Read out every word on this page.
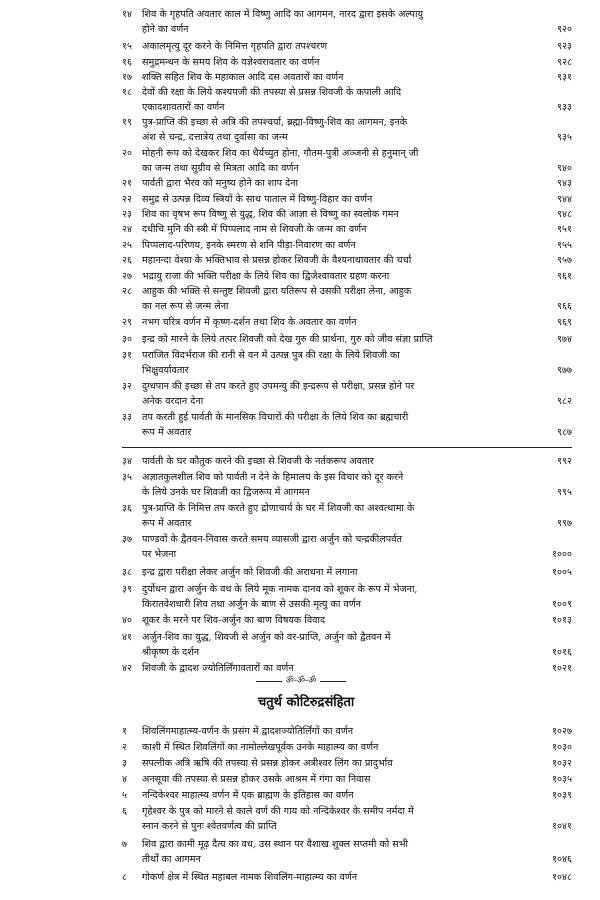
१४	शिव के गृहपति अवतार काल में विष्णु आदि का आगमन, नारद द्वारा इसके अल्पायु
होने का वर्णन	९२०
१५	अकालमृत्यु दूर करने के निमित्त गृहपति द्वारा तपश्चरण	९२३
१६	समुद्रमन्थन के समय शिव के यज्ञेश्वरावतार का वर्णन	९२८
१७	शक्ति सहित शिव के महाकाल आदि दस अवतारों का वर्णन	९३१
१८	देवों की रक्षा के लिये कश्यपजी की तपस्या से प्रसन्न शिवजी के कपाली आदि
एकादशावतारों का वर्णन	९३३
१९	पुत्र-प्राप्ति की इच्छा से अत्रि की तपश्चर्या, ब्रह्मा-विष्णु-शिव का आगमन, इनके
अंश से चन्द्र, दत्तात्रेय तथा दुर्वासा का जन्म	९३५
२०	मोहनी रूप को देखकर शिव का धैर्यच्युत होना, गौतम-पुत्री अञ्जनी से हनुमान् जी
का जन्म तथा सुग्रीव से मित्रता आदि का वर्णन	९४०
२१	पार्वती द्वारा भैरव को मनुष्य होने का शाप देना	९४३
२२	समुद्र से उत्पन्न दिव्य स्त्रियों के साथ पाताल में विष्णु-विहार का वर्णन	९४४
२३	शिव का वृषभ रूप विष्णु से युद्ध, शिव की आज्ञा से विष्णु का स्वलोक गमन	९४८
२४	दधीचि मुनि की स्त्री में पिप्पलाद नाम से शिवजी के जन्म का वर्णन	९५१
२५	पिप्पलाद-परिणय, इनके स्मरण से शनि पीड़ा-निवारण का वर्णन	९५५
२६	महानन्दा वेश्या के भक्तिभाव से प्रसन्न होकर शिवजी के वैश्यनाथावतार की चर्चा	९५७
२७	भद्रायु राजा की भक्ति परीक्षा के लिये शिव का द्विजेश्वावतार ग्रहण करना	९६१
२८	आहुक की भक्ति से सन्तुष्ट शिवजी द्वारा यतिरूप से उसकी परीक्षा लेना, आहुक
का नल रूप से जन्म लेना	९६६
२९	नभग चरित्र वर्णन में कृष्ण-दर्शन तथा शिव के अवतार का वर्णन	९६९
३०	इन्द्र को मारने के लिये तत्पर शिवजी को देख गुरु की प्रार्थना, गुरु को जीव संज्ञा प्राप्ति	९७४
३१	पराजित विदर्भराज की रानी से वन में उत्पन्न पुत्र की रक्षा के लिये शिवजी का
भिक्षुवर्यावतार	९७७
३२	दुग्धपान की इच्छा से तप करते हुए उपमन्यु की इन्द्ररूप से परीक्षा, प्रसन्न होने पर
अनेक वरदान देना	९८२
३३	तप करती हुई पार्वती के मानसिक विचारों की परीक्षा के लिये शिव का ब्रह्मचारी
रूप में अवतार	९८७
३४	पार्वती के घर कौतुक करने की इच्छा से शिवजी के नर्तकरूप अवतार	९९२
३५	अज्ञातकुलशील शिव को पार्वती न देने के हिमालय के इस विचार को दूर करने
के लिये उनके घर शिवजी का द्विजरूप में आगमन	९९५
३६	पुत्र-प्राप्ति के निमित्त तप करते हुए द्रोणाचार्य के घर में शिवजी का अश्वत्थामा के
रूप में अवतार	९९७
३७	पाण्डवों के द्वैतवन-निवास करते समय व्यासजी द्वारा अर्जुन को चन्द्रकीलपर्वत
पर भेजना	१०००
३८	इन्द्र द्वारा परीक्षा लेकर अर्जुन को शिवजी की अराधना में लगाना	१००५
३९	दुर्योधन द्वारा अर्जुन के वध के लिये मूक नामक दानव को शूकर के रूप में भेजना,
किरातवेशधारी शिव तथा अर्जुन के बाण से उसकी मृत्यु का वर्णन	१००९
४०	शूकर के मरने पर शिव-अर्जुन का बाण विषयक विवाद	१०१३
४१	अर्जुन-शिव का युद्ध, शिवजी से अर्जुन को वर-प्राप्ति, अर्जुन को द्वैतवन में
श्रीकृष्ण के दर्शन	१०१६
४२	शिवजी के द्वादश ज्योतिर्लिंगावतारों का वर्णन	१०२१
ॐ-ॐ-ॐ
चतुर्थ कोटिरुद्रसंहिता
१	शिवलिंगमाहात्म्य-वर्णन के प्रसंग में द्वादशज्योतिर्लिंगों का वर्णन	१०२७
२	काशी में स्थित शिवलिंगों का नामोल्लेखपूर्वक उनके माहात्म्य का वर्णन	१०३०
३	सपत्नीक अत्रि ऋषि की तपस्या से प्रसन्न होकर अत्रीश्वर लिंग का प्रादुर्भाव	१०३२
४	अनसूया की तपस्या से प्रसन्न होकर उसके आश्रम में गंगा का निवास	१०३५
५	नन्दिकेश्वर माहात्म्य वर्णन में एक ब्राह्मण के इतिहास का वर्णन	१०३९
६	गृहेश्वर के पुत्र को मारने से काले वर्ण की गाय को नन्दिकेश्वर के समीप नर्मदा में
स्नान करने से पुनः श्वेतवर्णत्व की प्राप्ति	१०४१
७	शिव द्वारा कामी मूढ़ दैत्य का वध, उस स्थान पर वैशाख शुक्ल सप्तमी को सभी
तीर्थों का आगमन	१०४६
८	गोकर्ण क्षेत्र में स्थित महाबल नामक शिवलिंग-माहात्म्य का वर्णन	१०४८
